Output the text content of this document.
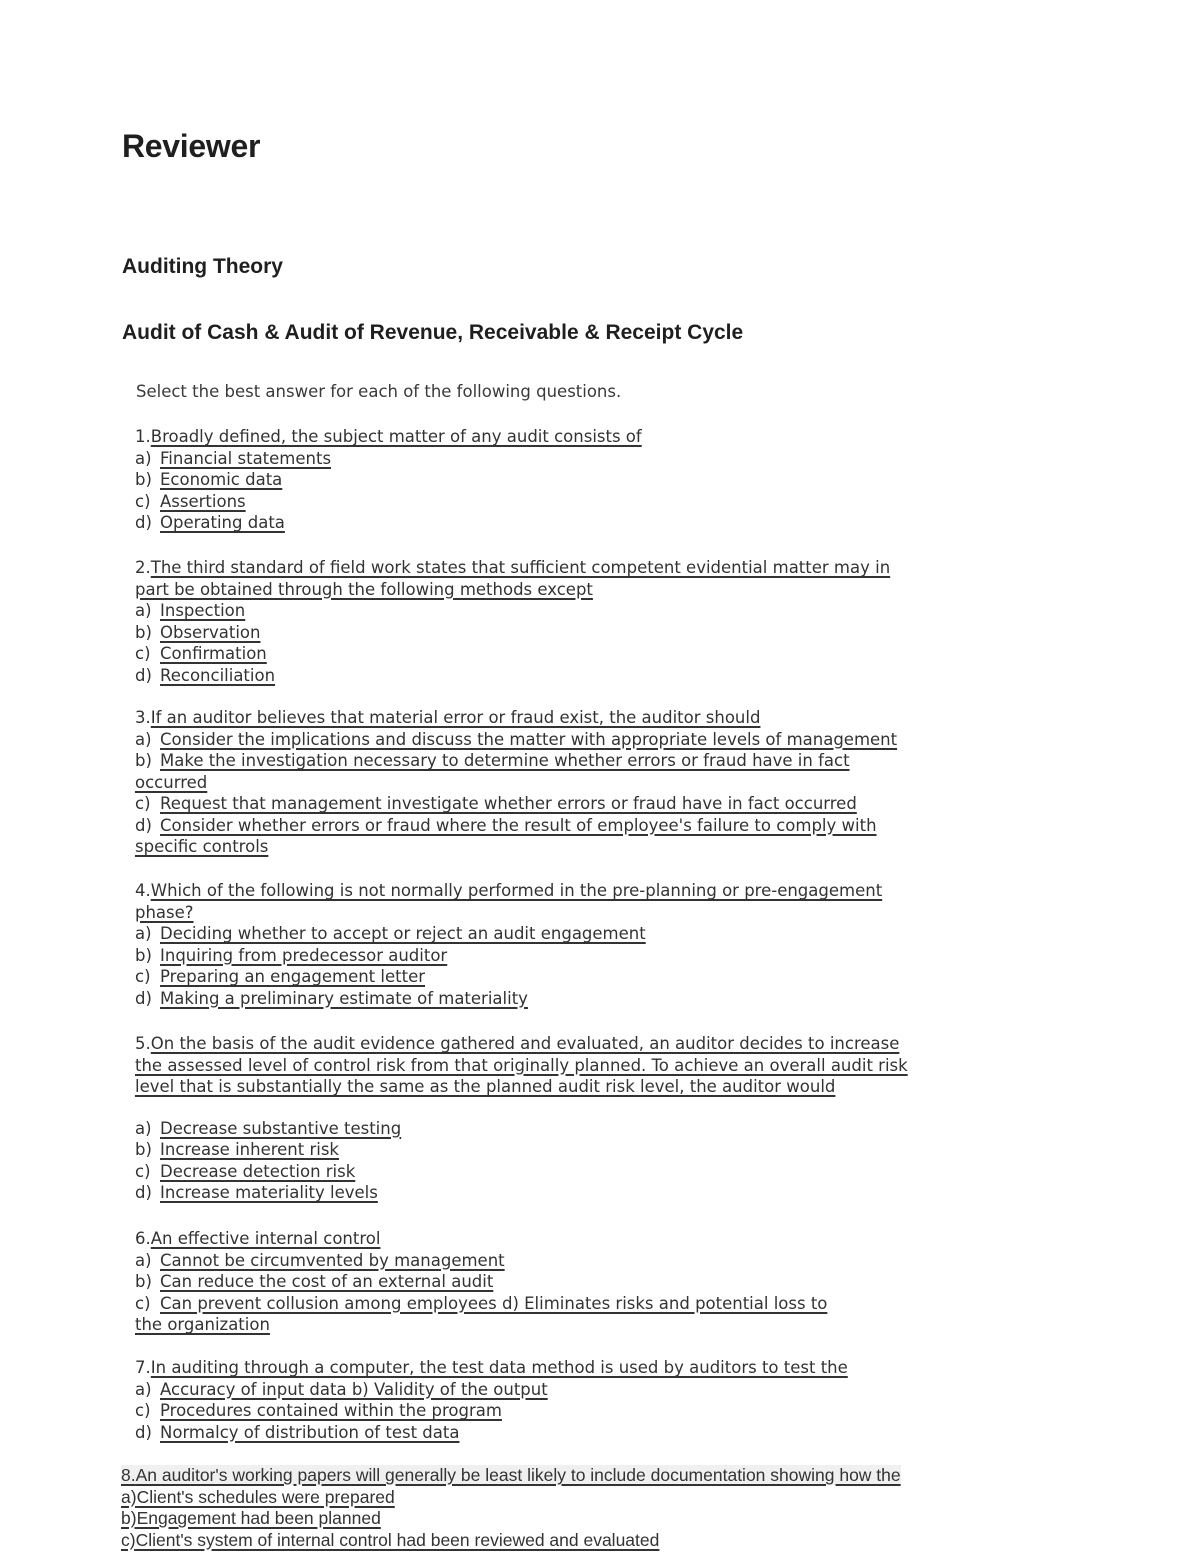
Reviewer
Auditing Theory
Audit of Cash & Audit of Revenue, Receivable & Receipt Cycle

Select the best answer for each of the following questions.

1.Broadly defined, the subject matter of any audit consists of
a) Financial statements
b) Economic data
c) Assertions
d) Operating data
2.The third standard of field work states that sufficient competent evidential matter may in
part be obtained through the following methods except
a) Inspection
b) Observation
c) Confirmation
d) Reconciliation
3.If an auditor believes that material error or fraud exist, the auditor should
a) Consider the implications and discuss the matter with appropriate levels of management
b) Make the investigation necessary to determine whether errors or fraud have in fact
occurred
c) Request that management investigate whether errors or fraud have in fact occurred
d) Consider whether errors or fraud where the result of employee's failure to comply with
specific controls
4.Which of the following is not normally performed in the pre-planning or pre-engagement
phase?
a) Deciding whether to accept or reject an audit engagement
b) Inquiring from predecessor auditor
c) Preparing an engagement letter
d) Making a preliminary estimate of materiality
5.On the basis of the audit evidence gathered and evaluated, an auditor decides to increase
the assessed level of control risk from that originally planned. To achieve an overall audit risk
level that is substantially the same as the planned audit risk level, the auditor would
a) Decrease substantive testing
b) Increase inherent risk
c) Decrease detection risk
d) Increase materiality levels
6.An effective internal control
a) Cannot be circumvented by management
b) Can reduce the cost of an external audit
c) Can prevent collusion among employees d) Eliminates risks and potential loss to
the organization
7.In auditing through a computer, the test data method is used by auditors to test the
a) Accuracy of input data b) Validity of the output
c) Procedures contained within the program
d) Normalcy of distribution of test data
8.An auditor's working papers will generally be least likely to include documentation showing how the
a)Client's schedules were prepared
b)Engagement had been planned
c)Client's system of internal control had been reviewed and evaluated
